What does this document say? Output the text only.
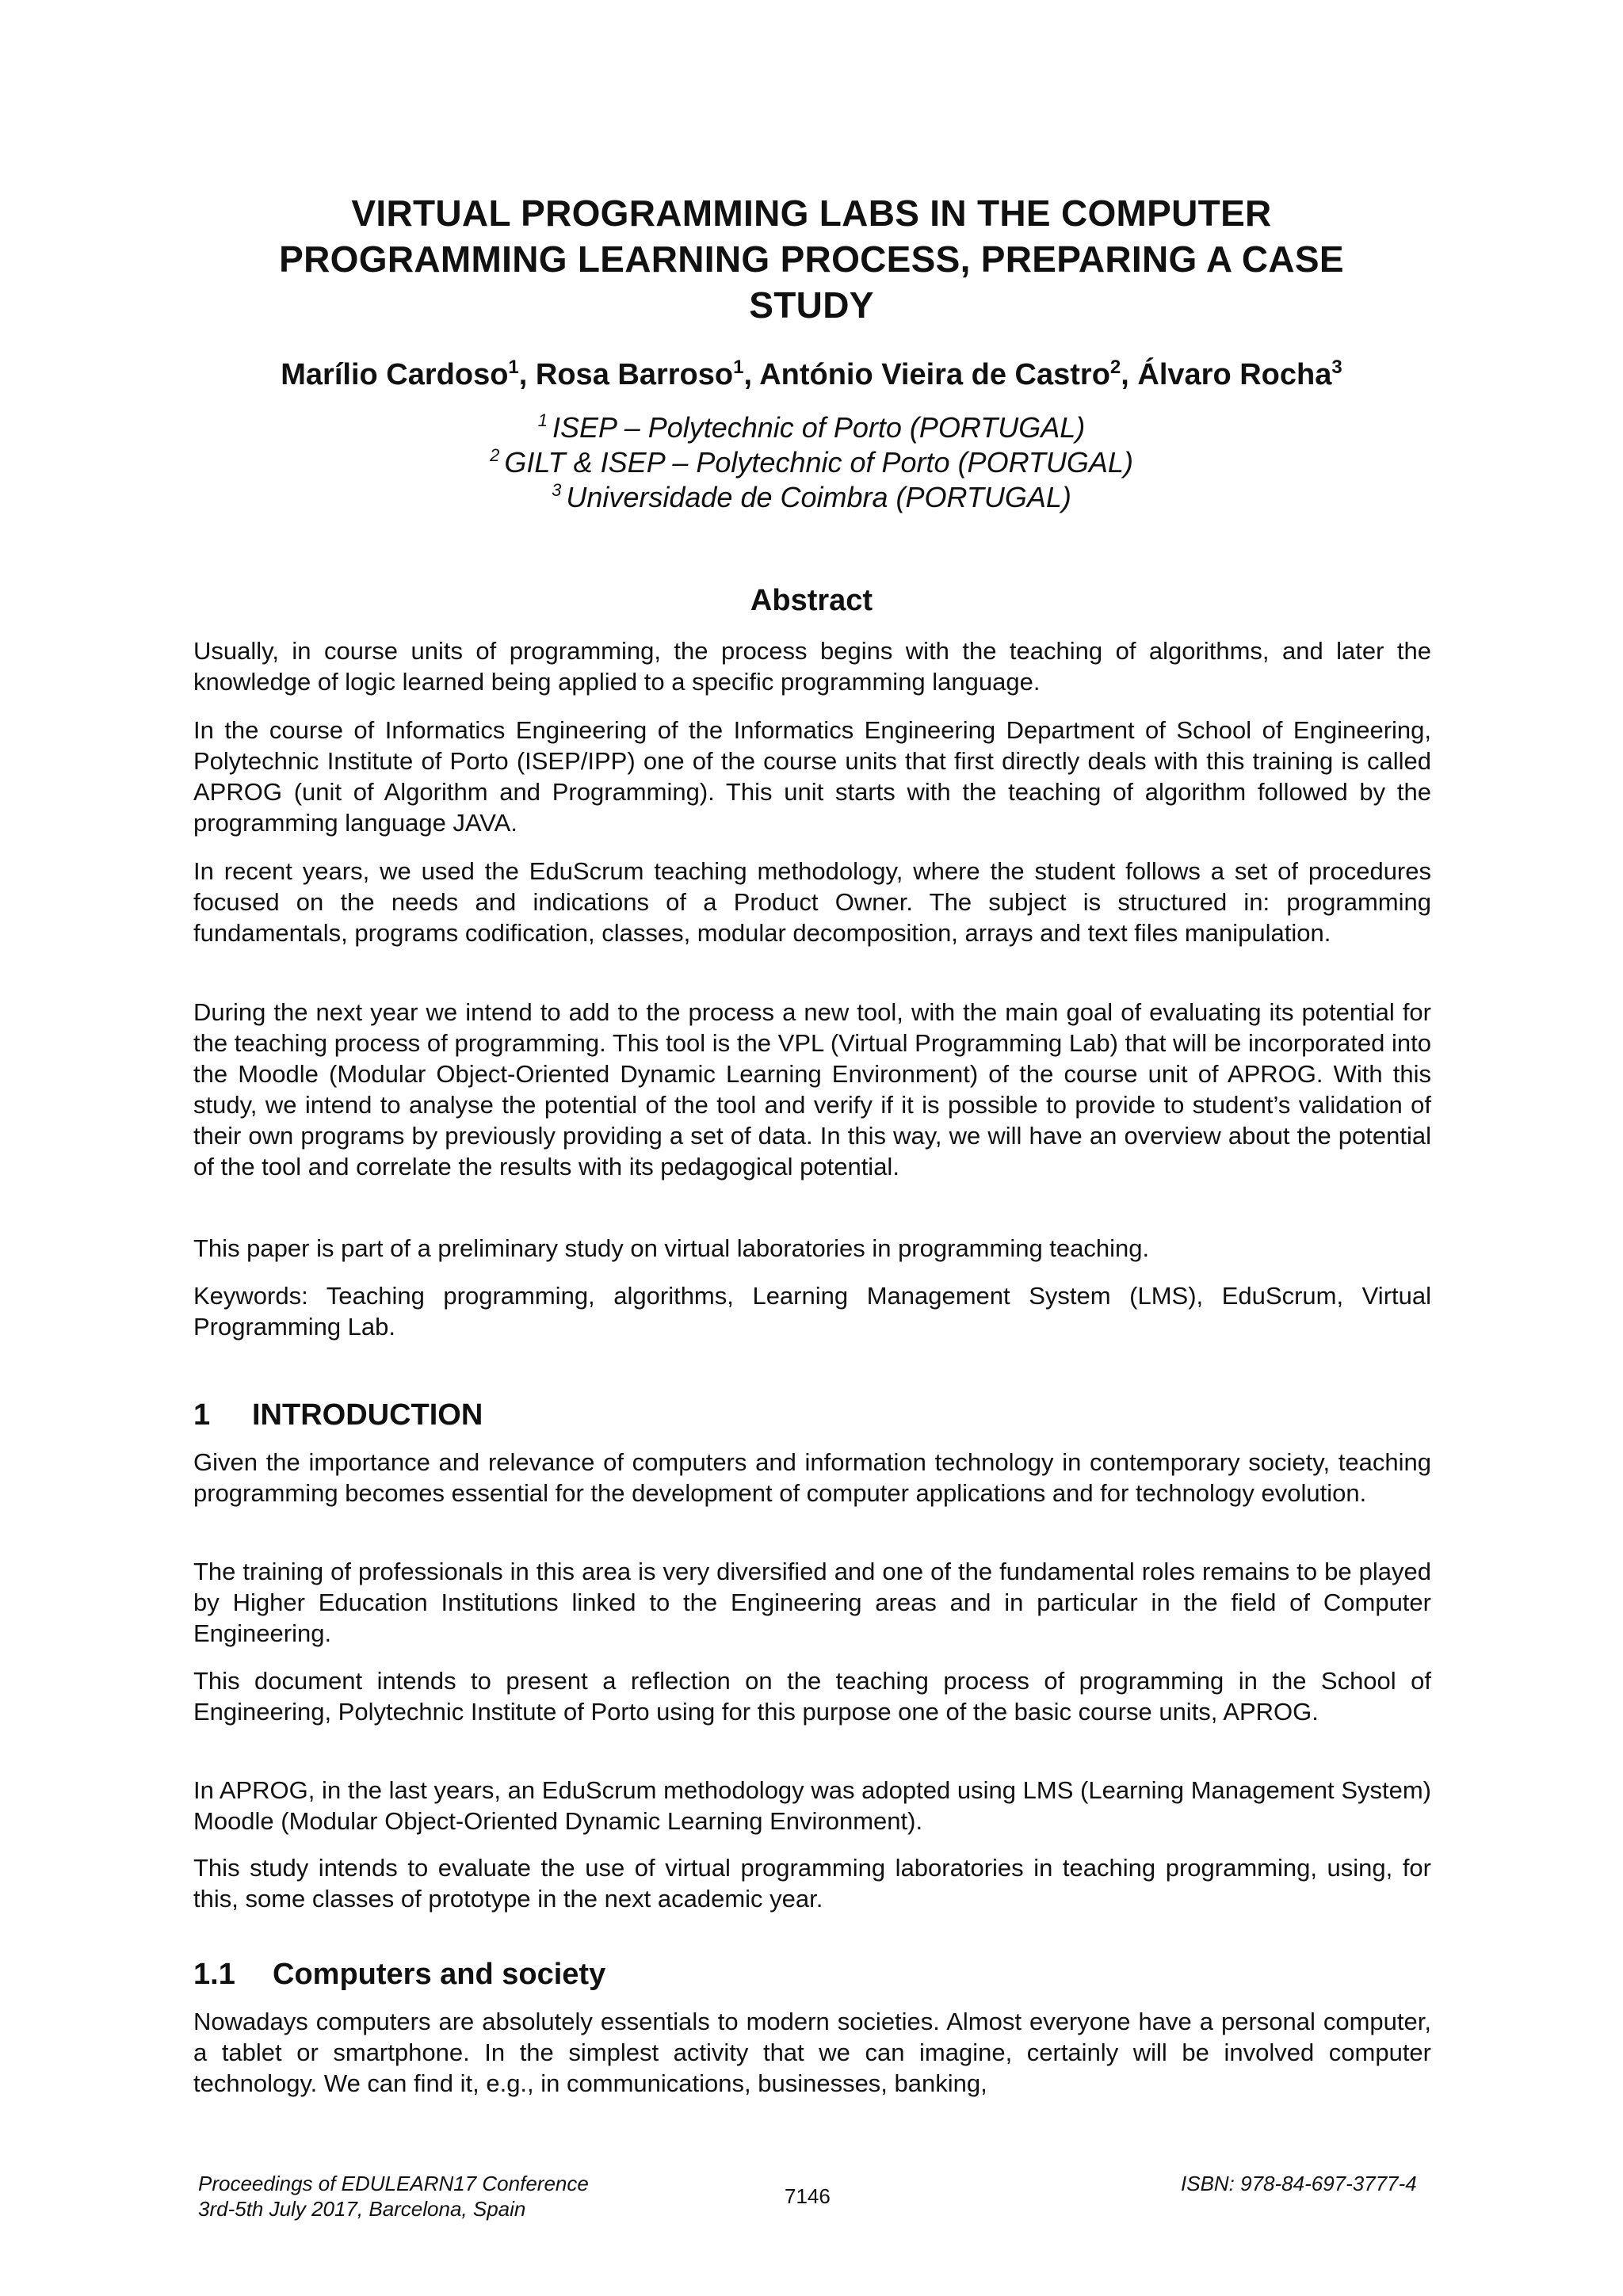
VIRTUAL PROGRAMMING LABS IN THE COMPUTER
PROGRAMMING LEARNING PROCESS, PREPARING A CASE
STUDY
Marílio Cardoso$^1$, Rosa Barroso$^1$, António Vieira de Castro$^2$, Álvaro Rocha$^3$
$^1$ ISEP – Polytechnic of Porto (PORTUGAL)
$^2$ GILT & ISEP – Polytechnic of Porto (PORTUGAL)
$^3$ Universidade de Coimbra (PORTUGAL)
Abstract

Usually, in course units of programming, the process begins with the teaching of algorithms, and later the knowledge of logic learned being applied to a specific programming language.

In the course of Informatics Engineering of the Informatics Engineering Department of School of Engineering, Polytechnic Institute of Porto (ISEP/IPP) one of the course units that first directly deals with this training is called APROG (unit of Algorithm and Programming). This unit starts with the teaching of algorithm followed by the programming language JAVA.

In recent years, we used the EduScrum teaching methodology, where the student follows a set of procedures focused on the needs and indications of a Product Owner. The subject is structured in: programming fundamentals, programs codification, classes, modular decomposition, arrays and text files manipulation.

During the next year we intend to add to the process a new tool, with the main goal of evaluating its potential for the teaching process of programming. This tool is the VPL (Virtual Programming Lab) that will be incorporated into the Moodle (Modular Object-Oriented Dynamic Learning Environment) of the course unit of APROG. With this study, we intend to analyse the potential of the tool and verify if it is possible to provide to student’s validation of their own programs by previously providing a set of data. In this way, we will have an overview about the potential of the tool and correlate the results with its pedagogical potential.

This paper is part of a preliminary study on virtual laboratories in programming teaching.

Keywords: Teaching programming, algorithms, Learning Management System (LMS), EduScrum, Virtual Programming Lab.

1 INTRODUCTION

Given the importance and relevance of computers and information technology in contemporary society, teaching programming becomes essential for the development of computer applications and for technology evolution.

The training of professionals in this area is very diversified and one of the fundamental roles remains to be played by Higher Education Institutions linked to the Engineering areas and in particular in the field of Computer Engineering.

This document intends to present a reflection on the teaching process of programming in the School of Engineering, Polytechnic Institute of Porto using for this purpose one of the basic course units, APROG.

In APROG, in the last years, an EduScrum methodology was adopted using LMS (Learning Management System) Moodle (Modular Object-Oriented Dynamic Learning Environment).

This study intends to evaluate the use of virtual programming laboratories in teaching programming, using, for this, some classes of prototype in the next academic year.

1.1 Computers and society

Nowadays computers are absolutely essentials to modern societies. Almost everyone have a personal computer, a tablet or smartphone. In the simplest activity that we can imagine, certainly will be involved computer technology. We can find it, e.g., in communications, businesses, banking,

Proceedings of EDULEARN17 Conference
3rd-5th July 2017, Barcelona, Spain
7146
ISBN: 978-84-697-3777-4
